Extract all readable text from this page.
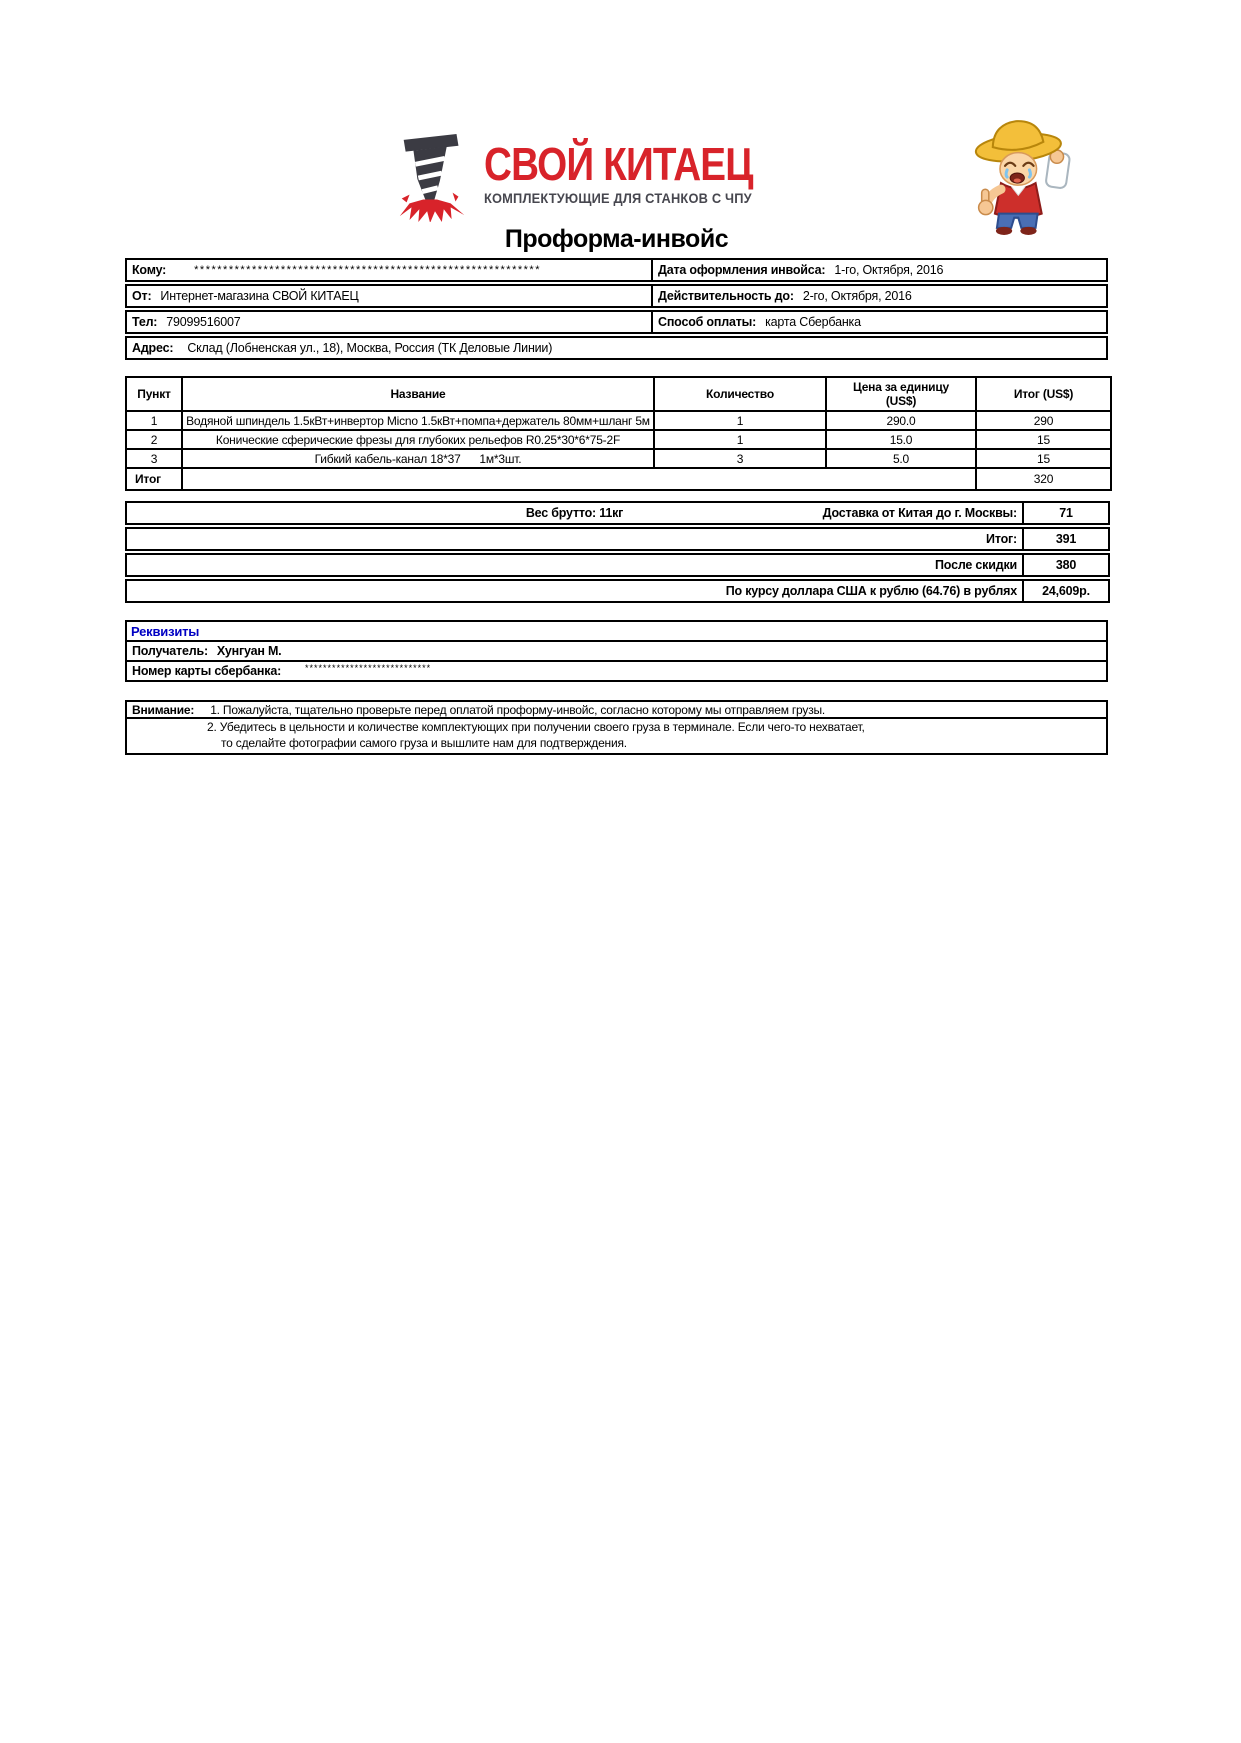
СВОЙ КИТАЕЦ
КОМПЛЕКТУЮЩИЕ ДЛЯ СТАНКОВ С ЧПУ
Проформа-инвойс
Кому:	************************************************************	Дата оформления инвойса: 1-го, Октября, 2016
От: Интернет-магазина СВОЙ КИТАЕЦ	Действительность до: 2-го, Октября, 2016
Тел: 79099516007	Способ оплаты: карта Сбербанка
Адрес: Склад (Лобненская ул., 18), Москва, Россия (ТК Деловые Линии)
Пункт	Название	Количество	Цена за единицу (US$)	Итог (US$)
1	Водяной шпиндель 1.5кВт+инвертор Micno 1.5кВт+помпа+держатель 80мм+шланг 5м	1	290.0	290
2	Конические сферические фрезы для глубоких рельефов R0.25*30*6*75-2F	1	15.0	15
3	Гибкий кабель-канал 18*37      1м*3шт.	3	5.0	15
Итог				320
Вес брутто: 11кг	Доставка от Китая до г. Москвы:	71
Итог:	391
После скидки	380
По курсу доллара США к рублю (64.76) в рублях	24,609р.
Реквизиты
Получатель: Хунгуан М.
Номер карты сбербанка:	****************************
Внимание: 1. Пожалуйста, тщательно проверьте перед оплатой проформу-инвойс, согласно которому мы отправляем грузы.
2. Убедитесь в цельности и количестве комплектующих при получении своего груза в терминале. Если чего-то нехватает,
то сделайте фотографии самого груза и вышлите нам для подтверждения.
